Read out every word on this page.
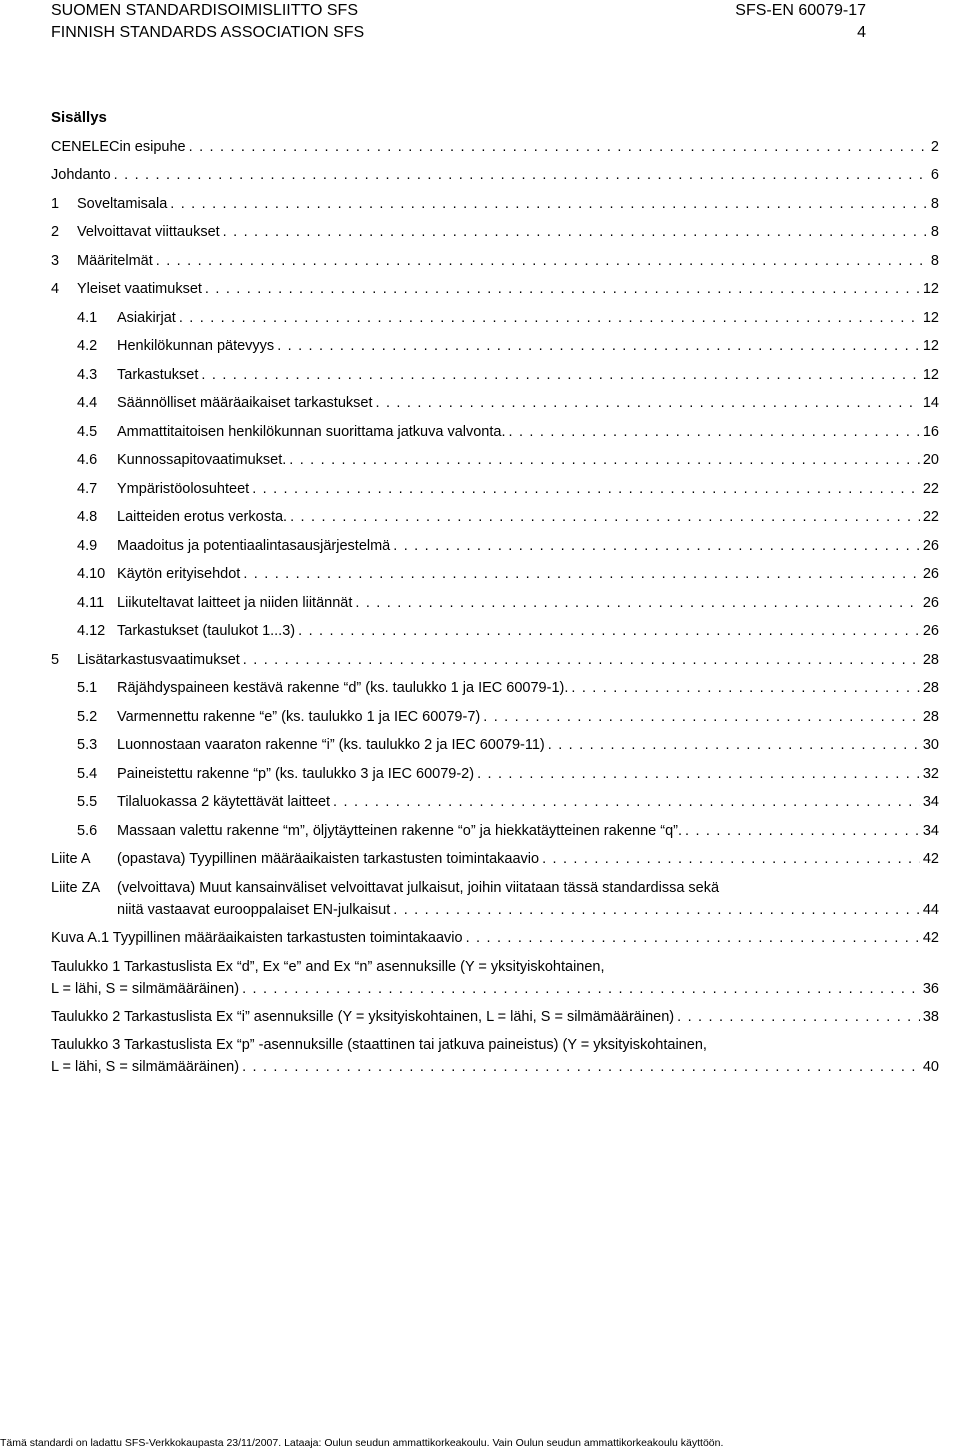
SUOMEN STANDARDISOIMISLIITTO SFS
FINNISH STANDARDS ASSOCIATION SFS
SFS-EN 60079-17
4
Sisällys
CENELECin esipuhe . . .	2
Johdanto . . .	6
1 Soveltamisala . . .	8
2 Velvoittavat viittaukset . . .	8
3 Määritelmät . . .	8
4 Yleiset vaatimukset . . .	12
4.1 Asiakirjat . . .	12
4.2 Henkilökunnan pätevyys . . .	12
4.3 Tarkastukset . . .	12
4.4 Säännölliset määräaikaiset tarkastukset . . .	14
4.5 Ammattitaitoisen henkilökunnan suorittama jatkuva valvonta. . . .	16
4.6 Kunnossapitovaatimukset. . . .	20
4.7 Ympäristöolosuhteet . . .	22
4.8 Laitteiden erotus verkosta. . . .	22
4.9 Maadoitus ja potentiaalintasausjärjestelmä . . .	26
4.10 Käytön erityisehdot . . .	26
4.11 Liikuteltavat laitteet ja niiden liitännät . . .	26
4.12 Tarkastukset (taulukot 1...3) . . .	26
5 Lisätarkastusvaatimukset . . .	28
5.1 Räjähdyspaineen kestävä rakenne “d” (ks. taulukko 1 ja IEC 60079-1). . . .	28
5.2 Varmennettu rakenne “e” (ks. taulukko 1 ja IEC 60079-7) . . .	28
5.3 Luonnostaan vaaraton rakenne “i” (ks. taulukko 2 ja IEC 60079-11) . . .	30
5.4 Paineistettu rakenne “p” (ks. taulukko 3 ja IEC 60079-2) . . .	32
5.5 Tilaluokassa 2 käytettävät laitteet . . .	34
5.6 Massaan valettu rakenne “m”, öljytäytteinen rakenne “o” ja hiekkatäytteinen rakenne “q”. . . .	34
Liite A (opastava) Tyypillinen määräaikaisten tarkastusten toimintakaavio . . .	42
Liite ZA (velvoittava) Muut kansainväliset velvoittavat julkaisut, joihin viitataan tässä standardissa sekä
niitä vastaavat eurooppalaiset EN-julkaisut . . .	44
Kuva A.1 Tyypillinen määräaikaisten tarkastusten toimintakaavio . . .	42
Taulukko 1 Tarkastuslista Ex “d”, Ex “e” and Ex “n” asennuksille (Y = yksityiskohtainen,
L = lähi, S = silmämääräinen) . . .	36
Taulukko 2 Tarkastuslista Ex “i” asennuksille (Y = yksityiskohtainen, L = lähi, S = silmämääräinen) . . .	38
Taulukko 3 Tarkastuslista Ex “p” -asennuksille (staattinen tai jatkuva paineistus) (Y = yksityiskohtainen,
L = lähi, S = silmämääräinen) . . .	40
Tämä standardi on ladattu SFS-Verkkokaupasta 23/11/2007. Lataaja: Oulun seudun ammattikorkeakoulu. Vain Oulun seudun ammattikorkeakoulu käyttöön.
